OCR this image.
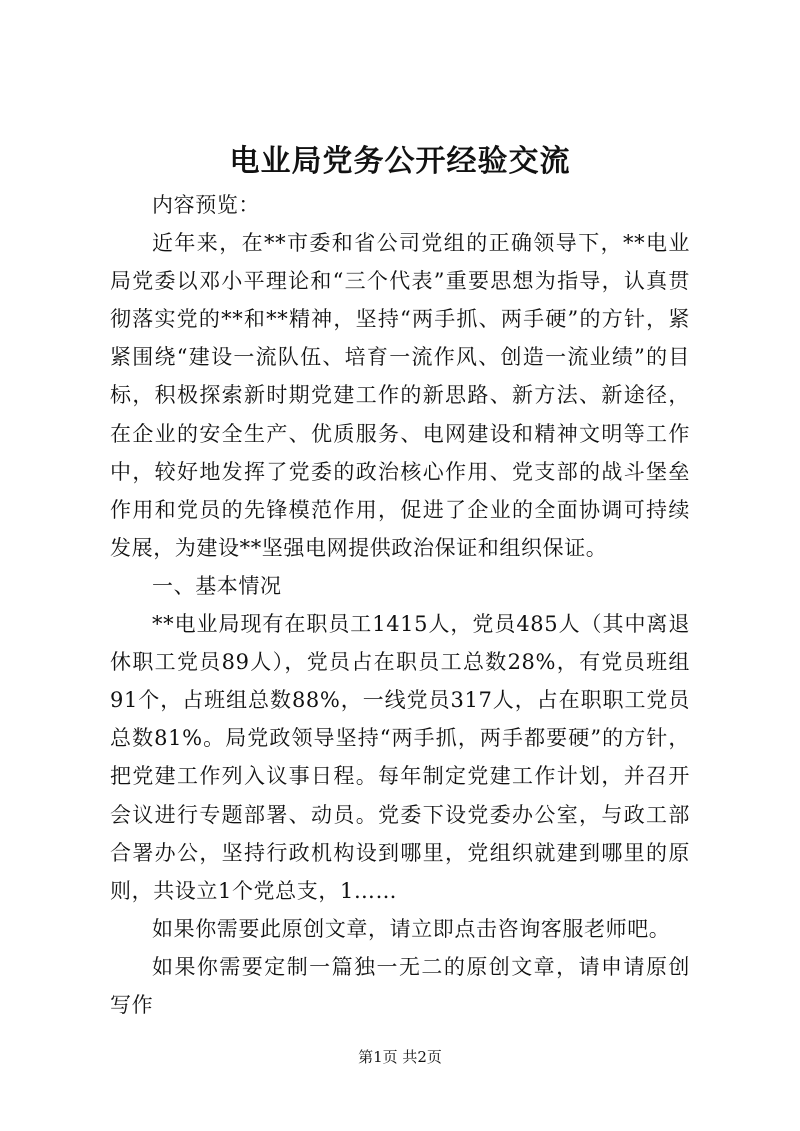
电业局党务公开经验交流

内容预览：

近年来，在**市委和省公司党组的正确领导下，**电业局党委以邓小平理论和“三个代表”重要思想为指导，认真贯彻落实党的**和**精神，坚持“两手抓、两手硬”的方针，紧紧围绕“建设一流队伍、培育一流作风、创造一流业绩”的目标，积极探索新时期党建工作的新思路、新方法、新途径，在企业的安全生产、优质服务、电网建设和精神文明等工作中，较好地发挥了党委的政治核心作用、党支部的战斗堡垒作用和党员的先锋模范作用，促进了企业的全面协调可持续发展，为建设**坚强电网提供政治保证和组织保证。

一、基本情况

**电业局现有在职员工1415人，党员485人（其中离退休职工党员89人），党员占在职员工总数28%，有党员班组91个，占班组总数88%，一线党员317人，占在职职工党员总数81%。局党政领导坚持“两手抓，两手都要硬”的方针，把党建工作列入议事日程。每年制定党建工作计划，并召开会议进行专题部署、动员。党委下设党委办公室，与政工部合署办公，坚持行政机构设到哪里，党组织就建到哪里的原则，共设立1个党总支，1……

如果你需要此原创文章，请立即点击咨询客服老师吧。

如果你需要定制一篇独一无二的原创文章，请申请原创写作

第1页 共2页
